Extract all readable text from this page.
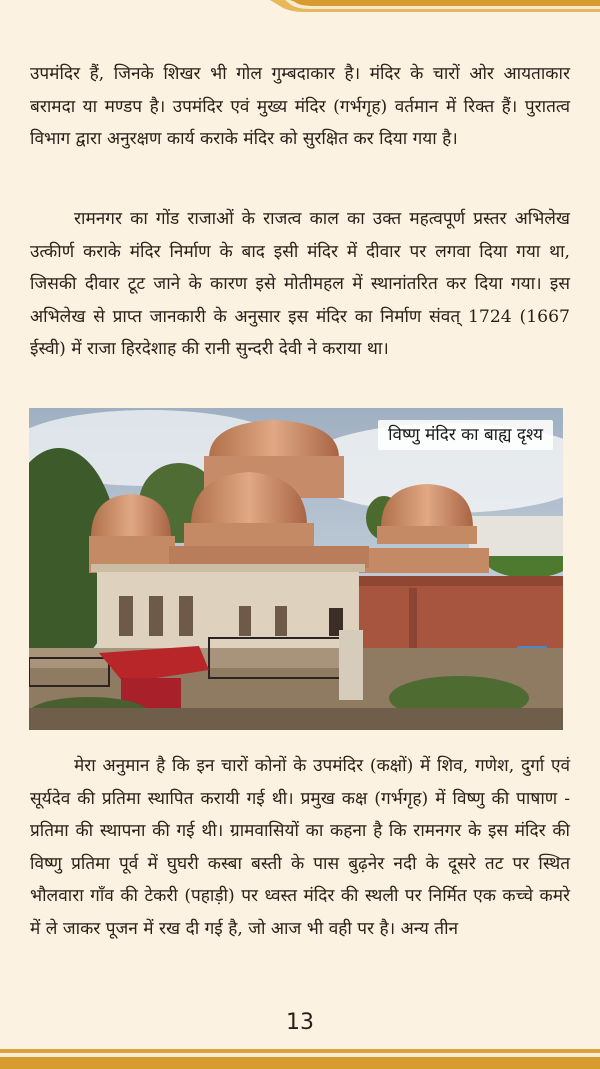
उपमंदिर हैं, जिनके शिखर भी गोल गुम्बदाकार है। मंदिर के चारों ओर आयताकार बरामदा या मण्डप है। उपमंदिर एवं मुख्य मंदिर (गर्भगृह) वर्तमान में रिक्त हैं। पुरातत्व विभाग द्वारा अनुरक्षण कार्य कराके मंदिर को सुरक्षित कर दिया गया है।

रामनगर का गोंड राजाओं के राजत्व काल का उक्त महत्वपूर्ण प्रस्तर अभिलेख उत्कीर्ण कराके मंदिर निर्माण के बाद इसी मंदिर में दीवार पर लगवा दिया गया था, जिसकी दीवार टूट जाने के कारण इसे मोतीमहल में स्थानांतरित कर दिया गया। इस अभिलेख से प्राप्त जानकारी के अनुसार इस मंदिर का निर्माण संवत् 1724 (1667 ईस्वी) में राजा हिरदेशाह की रानी सुन्दरी देवी ने कराया था।

विष्णु मंदिर का बाह्य दृश्य

मेरा अनुमान है कि इन चारों कोनों के उपमंदिर (कक्षों) में शिव, गणेश, दुर्गा एवं सूर्यदेव की प्रतिमा स्थापित करायी गई थी। प्रमुख कक्ष (गर्भगृह) में विष्णु की पाषाण - प्रतिमा की स्थापना की गई थी। ग्रामवासियों का कहना है कि रामनगर के इस मंदिर की विष्णु प्रतिमा पूर्व में घुघरी कस्बा बस्ती के पास बुढ़नेर नदी के दूसरे तट पर स्थित भौलवारा गाँव की टेकरी (पहाड़ी) पर ध्वस्त मंदिर की स्थली पर निर्मित एक कच्चे कमरे में ले जाकर पूजन में रख दी गई है, जो आज भी वही पर है। अन्य तीन

13
